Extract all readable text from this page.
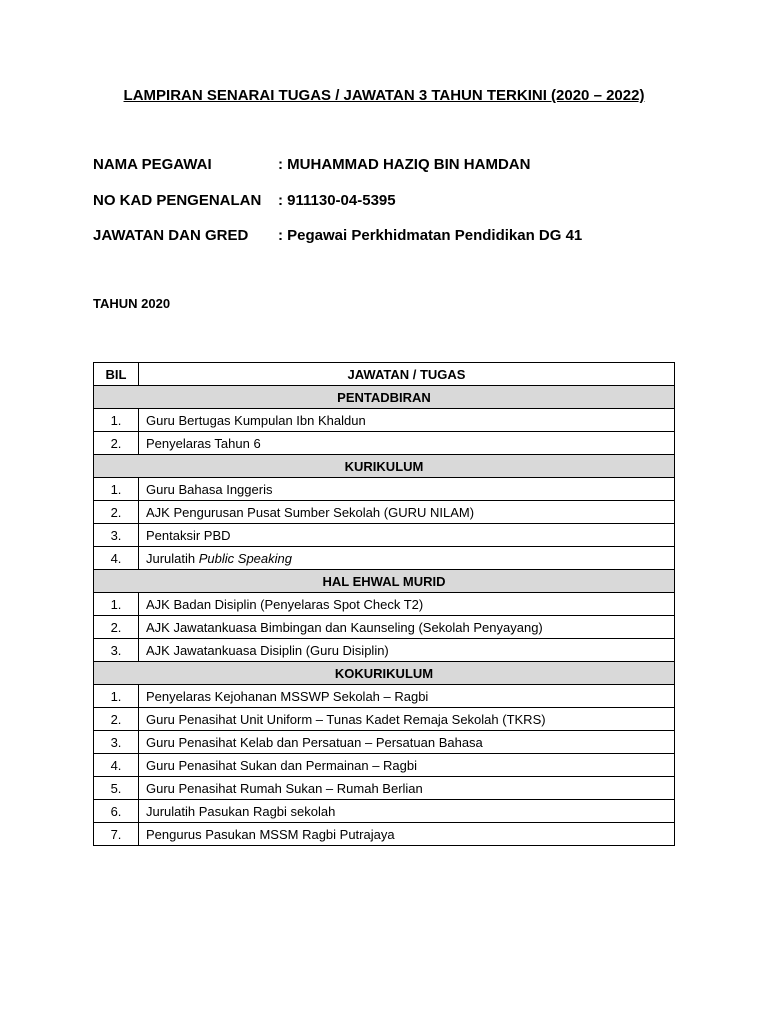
LAMPIRAN SENARAI TUGAS / JAWATAN 3 TAHUN TERKINI (2020 – 2022)
NAMA PEGAWAI	: MUHAMMAD HAZIQ BIN HAMDAN
NO KAD PENGENALAN : 911130-04-5395
JAWATAN DAN GRED : Pegawai Perkhidmatan Pendidikan DG 41
TAHUN 2020
BIL	JAWATAN / TUGAS
PENTADBIRAN	
1.	Guru Bertugas Kumpulan Ibn Khaldun
2.	Penyelaras Tahun 6
KURIKULUM	
1.	Guru Bahasa Inggeris
2.	AJK Pengurusan Pusat Sumber Sekolah (GURU NILAM)
3.	Pentaksir PBD
4.	Jurulatih Public Speaking
HAL EHWAL MURID	
1.	AJK Badan Disiplin (Penyelaras Spot Check T2)
2.	AJK Jawatankuasa Bimbingan dan Kaunseling (Sekolah Penyayang)
3.	AJK Jawatankuasa Disiplin (Guru Disiplin)
KOKURIKULUM	
1.	Penyelaras Kejohanan MSSWP Sekolah – Ragbi
2.	Guru Penasihat Unit Uniform – Tunas Kadet Remaja Sekolah (TKRS)
3.	Guru Penasihat Kelab dan Persatuan – Persatuan Bahasa
4.	Guru Penasihat Sukan dan Permainan – Ragbi
5.	Guru Penasihat Rumah Sukan – Rumah Berlian
6.	Jurulatih Pasukan Ragbi sekolah
7.	Pengurus Pasukan MSSM Ragbi Putrajaya
